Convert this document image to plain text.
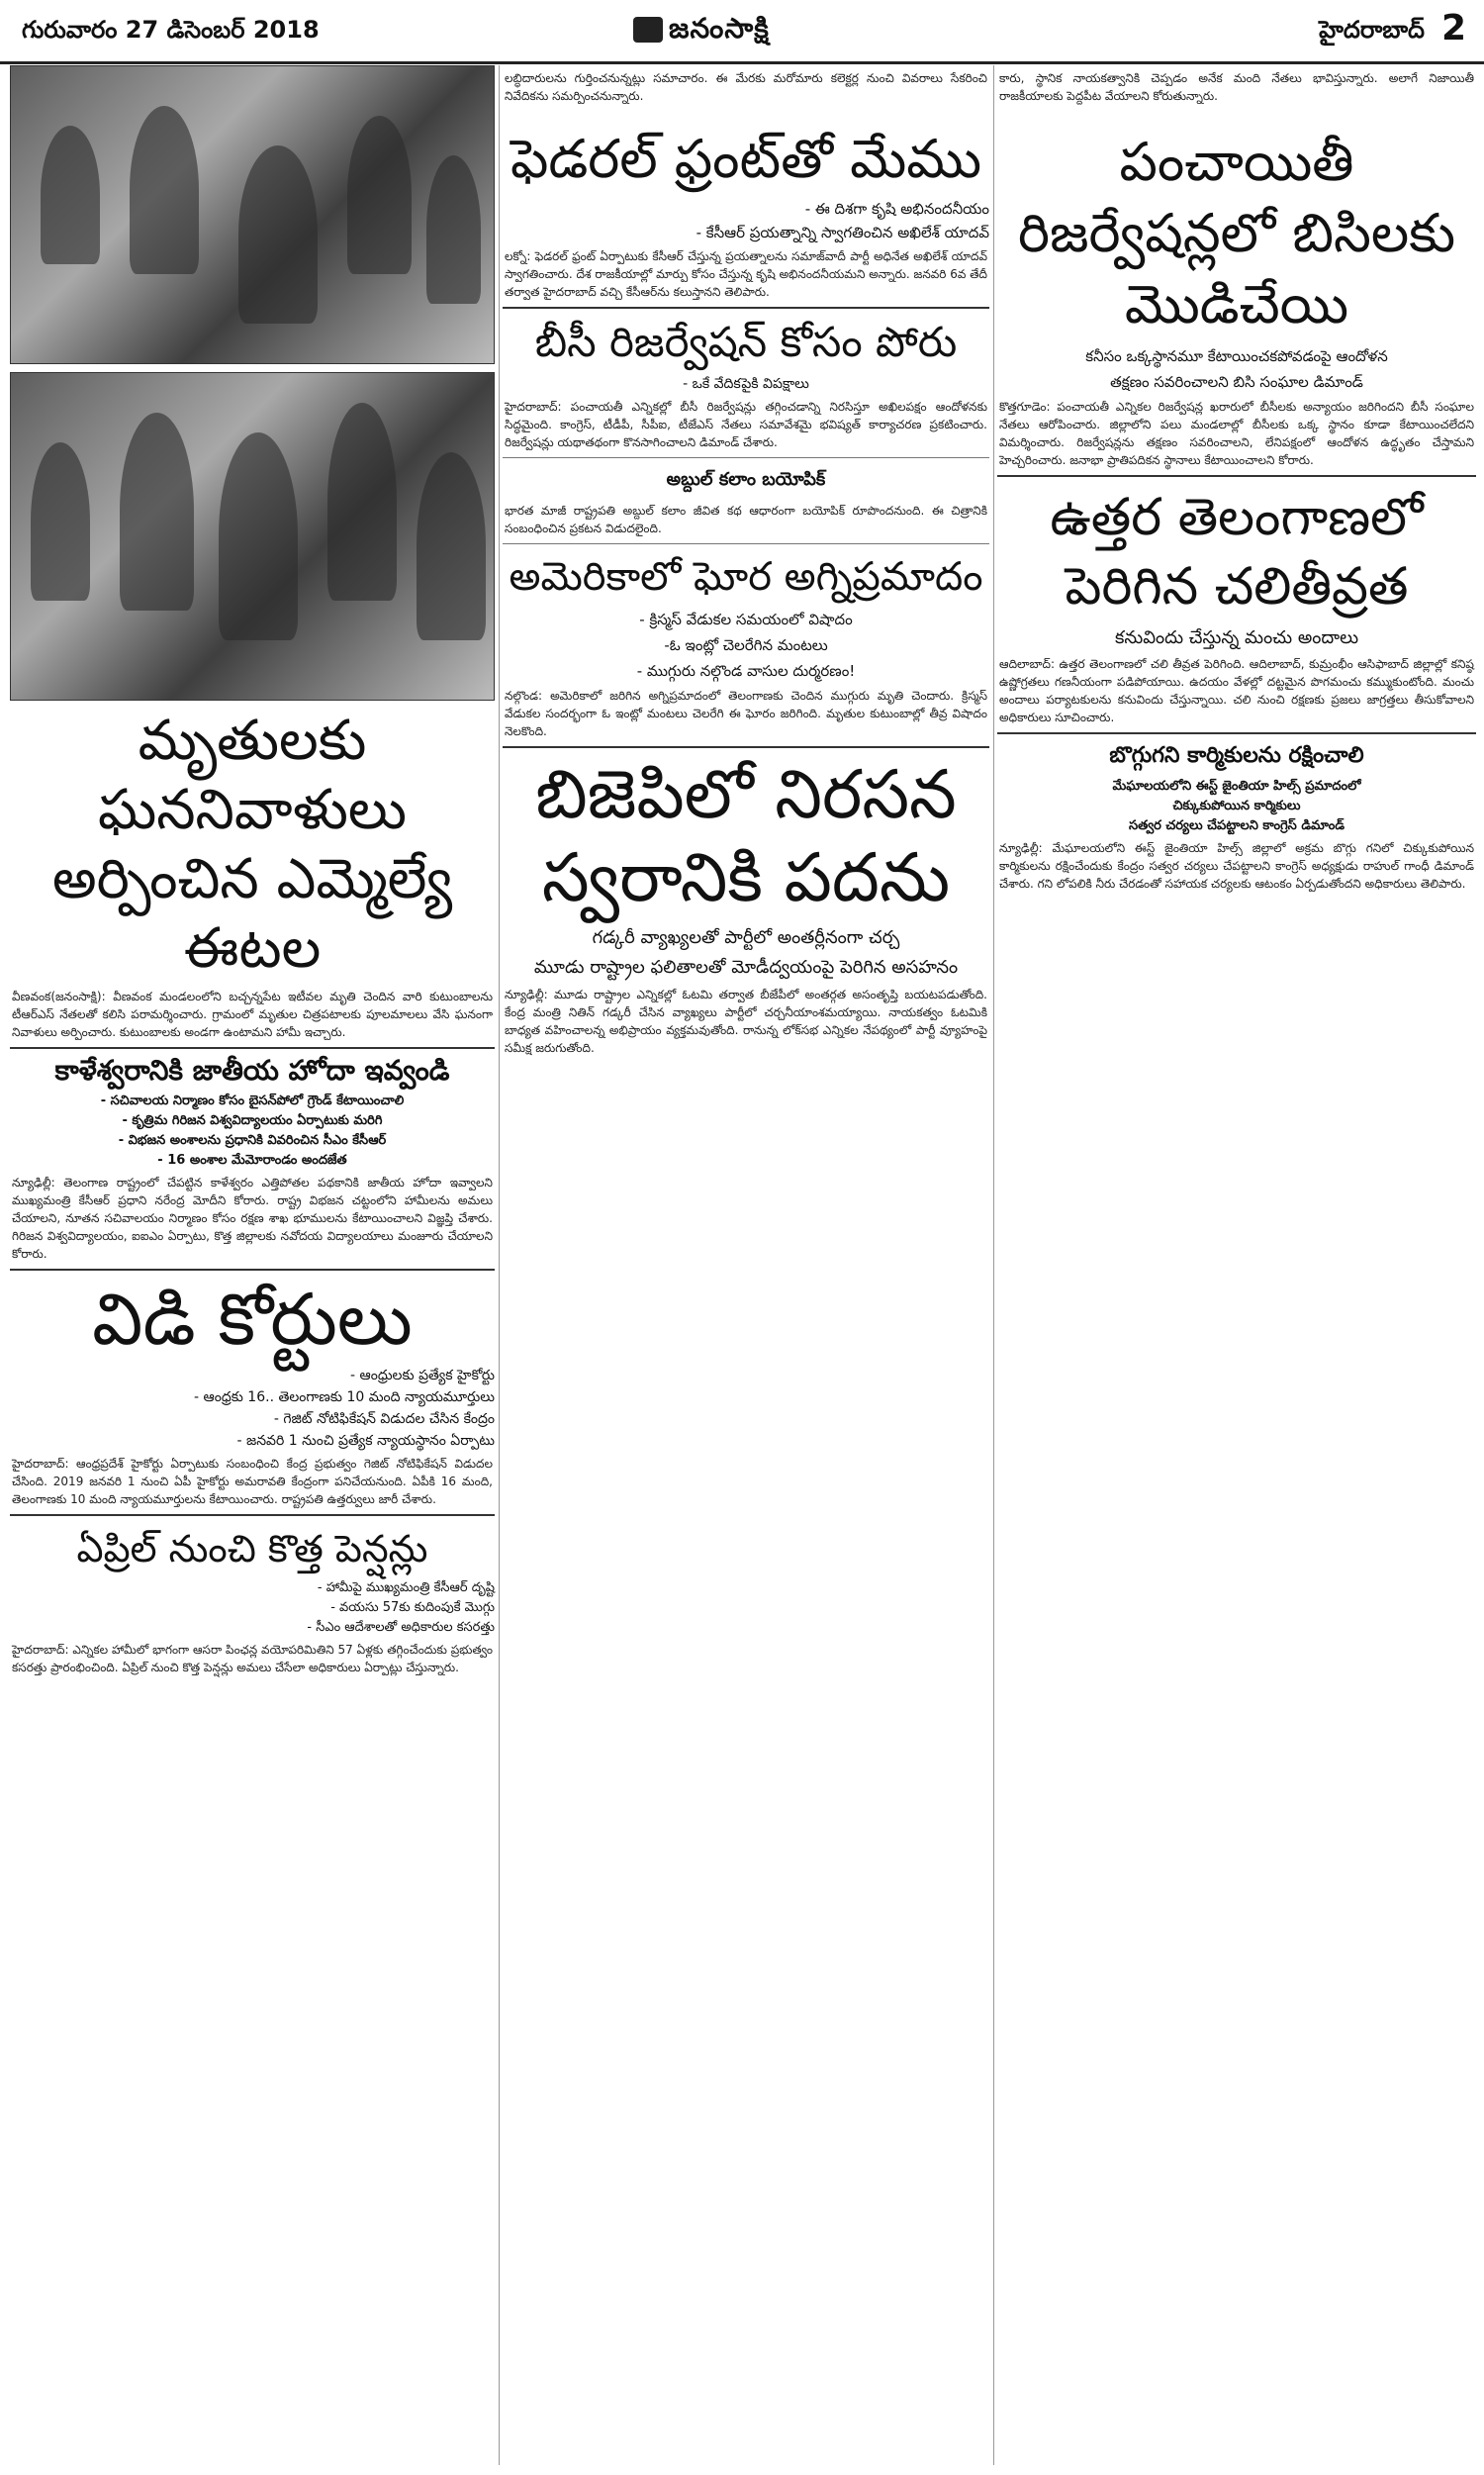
గురువారం 27 డిసెంబర్ 2018	జనంసాక్షి	హైదరాబాద్ 2
మృతులకు ఘననివాళులు అర్పించిన ఎమ్మెల్యే ఈటల
వీణవంక(జనంసాక్షి): వీణవంక మండలంలోని బచ్చన్నపేట ఇటీవల మృతి చెందిన వారి కుటుంబాలను టీఆర్‌ఎస్ నేతలతో కలిసి పరామర్శించారు. గ్రామంలో మృతుల చిత్రపటాలకు పూలమాలలు వేసి ఘనంగా నివాళులు అర్పించారు. కుటుంబాలకు అండగా ఉంటామని హామీ ఇచ్చారు.
కాళేశ్వరానికి జాతీయ హోదా ఇవ్వండి
- సచివాలయ నిర్మాణం కోసం బైసన్‌పోలో గ్రౌండ్ కేటాయించాలి
- కృత్రిమ గిరిజన విశ్వవిద్యాలయం ఏర్పాటుకు మరిగి
- విభజన అంశాలను ప్రధానికి వివరించిన సీఎం కేసీఆర్
- 16 అంశాల మేమోరాండం అందజేత
న్యూఢిల్లీ: తెలంగాణ రాష్ట్రంలో చేపట్టిన కాళేశ్వరం ఎత్తిపోతల పథకానికి జాతీయ హోదా ఇవ్వాలని ముఖ్యమంత్రి కేసీఆర్ ప్రధాని నరేంద్ర మోదీని కోరారు. రాష్ట్ర విభజన చట్టంలోని హామీలను అమలు చేయాలని, నూతన సచివాలయం నిర్మాణం కోసం రక్షణ శాఖ భూములను కేటాయించాలని విజ్ఞప్తి చేశారు. గిరిజన విశ్వవిద్యాలయం, ఐఐఎం ఏర్పాటు, కొత్త జిల్లాలకు నవోదయ విద్యాలయాలు మంజూరు చేయాలని కోరారు.
విడి కోర్టులు
- ఆంధ్రులకు ప్రత్యేక హైకోర్టు
- ఆంధ్రకు 16.. తెలంగాణకు 10 మంది న్యాయమూర్తులు
- గెజిట్ నోటిఫికేషన్ విడుదల చేసిన కేంద్రం
- జనవరి 1 నుంచి ప్రత్యేక న్యాయస్థానం ఏర్పాటు
హైదరాబాద్: ఆంధ్రప్రదేశ్ హైకోర్టు ఏర్పాటుకు సంబంధించి కేంద్ర ప్రభుత్వం గెజిట్ నోటిఫికేషన్ విడుదల చేసింది. 2019 జనవరి 1 నుంచి ఏపీ హైకోర్టు అమరావతి కేంద్రంగా పనిచేయనుంది. ఏపీకి 16 మంది, తెలంగాణకు 10 మంది న్యాయమూర్తులను కేటాయించారు. రాష్ట్రపతి ఉత్తర్వులు జారీ చేశారు.
ఏప్రిల్ నుంచి కొత్త పెన్షన్లు
- హామీపై ముఖ్యమంత్రి కేసీఆర్ దృష్టి
- వయసు 57కు కుదింపుకే మొగ్గు
- సీఎం ఆదేశాలతో అధికారుల కసరత్తు
హైదరాబాద్: ఎన్నికల హామీలో భాగంగా ఆసరా పింఛన్ల వయోపరిమితిని 57 ఏళ్లకు తగ్గించేందుకు ప్రభుత్వం కసరత్తు ప్రారంభించింది. ఏప్రిల్ నుంచి కొత్త పెన్షన్లు అమలు చేసేలా అధికారులు ఏర్పాట్లు చేస్తున్నారు.
లబ్ధిదారులను గుర్తించనున్నట్లు సమాచారం. ఈ మేరకు మరోమారు కలెక్టర్ల నుంచి వివరాలు సేకరించి నివేదికను సమర్పించనున్నారు.
ఫెడరల్ ఫ్రంట్‌తో మేము
- ఈ దిశగా కృషి అభినందనీయం
- కేసీఆర్ ప్రయత్నాన్ని స్వాగతించిన అఖిలేశ్ యాదవ్
లక్నో: ఫెడరల్ ఫ్రంట్ ఏర్పాటుకు కేసీఆర్ చేస్తున్న ప్రయత్నాలను సమాజ్‌వాదీ పార్టీ అధినేత అఖిలేశ్ యాదవ్ స్వాగతించారు. దేశ రాజకీయాల్లో మార్పు కోసం చేస్తున్న కృషి అభినందనీయమని అన్నారు. జనవరి 6వ తేదీ తర్వాత హైదరాబాద్ వచ్చి కేసీఆర్‌ను కలుస్తానని తెలిపారు.
బీసీ రిజర్వేషన్ కోసం పోరు
- ఒకే వేదికపైకి విపక్షాలు
హైదరాబాద్: పంచాయతీ ఎన్నికల్లో బీసీ రిజర్వేషన్లు తగ్గించడాన్ని నిరసిస్తూ అఖిలపక్షం ఆందోళనకు సిద్ధమైంది. కాంగ్రెస్, టీడీపీ, సీపీఐ, టీజేఎస్ నేతలు సమావేశమై భవిష్యత్ కార్యాచరణ ప్రకటించారు. రిజర్వేషన్లు యథాతథంగా కొనసాగించాలని డిమాండ్ చేశారు.
అబ్దుల్ కలాం బయోపిక్
భారత మాజీ రాష్ట్రపతి అబ్దుల్ కలాం జీవిత కథ ఆధారంగా బయోపిక్ రూపొందనుంది. ఈ చిత్రానికి సంబంధించిన ప్రకటన విడుదలైంది.
అమెరికాలో ఘోర అగ్నిప్రమాదం
- క్రిస్మస్ వేడుకల సమయంలో విషాదం
-ఓ ఇంట్లో చెలరేగిన మంటలు
- ముగ్గురు నల్గొండ వాసుల దుర్మరణం!
నల్గొండ: అమెరికాలో జరిగిన అగ్నిప్రమాదంలో తెలంగాణకు చెందిన ముగ్గురు మృతి చెందారు. క్రిస్మస్ వేడుకల సందర్భంగా ఓ ఇంట్లో మంటలు చెలరేగి ఈ ఘోరం జరిగింది. మృతుల కుటుంబాల్లో తీవ్ర విషాదం నెలకొంది.
బిజెపిలో నిరసన స్వరానికి పదను
గడ్కరీ వ్యాఖ్యలతో పార్టీలో అంతర్లీనంగా చర్చ
మూడు రాష్ట్రాల ఫలితాలతో మోడీద్వయంపై పెరిగిన అసహనం
న్యూఢిల్లీ: మూడు రాష్ట్రాల ఎన్నికల్లో ఓటమి తర్వాత బీజేపీలో అంతర్గత అసంతృప్తి బయటపడుతోంది. కేంద్ర మంత్రి నితిన్ గడ్కరీ చేసిన వ్యాఖ్యలు పార్టీలో చర్చనీయాంశమయ్యాయి. నాయకత్వం ఓటమికి బాధ్యత వహించాలన్న అభిప్రాయం వ్యక్తమవుతోంది. రానున్న లోక్‌సభ ఎన్నికల నేపథ్యంలో పార్టీ వ్యూహంపై సమీక్ష జరుగుతోంది.
కారు, స్థానిక నాయకత్వానికి చెప్పడం అనేక మంది నేతలు భావిస్తున్నారు. అలాగే నిజాయితీ రాజకీయాలకు పెద్దపీట వేయాలని కోరుతున్నారు.
పంచాయితీ రిజర్వేషన్లలో బిసిలకు మొడిచేయి
కనీసం ఒక్కస్థానమూ కేటాయించకపోవడంపై ఆందోళన
తక్షణం సవరించాలని బిసి సంఘాల డిమాండ్
కొత్తగూడెం: పంచాయతీ ఎన్నికల రిజర్వేషన్ల ఖరారులో బీసీలకు అన్యాయం జరిగిందని బీసీ సంఘాల నేతలు ఆరోపించారు. జిల్లాలోని పలు మండలాల్లో బీసీలకు ఒక్క స్థానం కూడా కేటాయించలేదని విమర్శించారు. రిజర్వేషన్లను తక్షణం సవరించాలని, లేనిపక్షంలో ఆందోళన ఉద్ధృతం చేస్తామని హెచ్చరించారు. జనాభా ప్రాతిపదికన స్థానాలు కేటాయించాలని కోరారు.
ఉత్తర తెలంగాణలో పెరిగిన చలితీవ్రత
కనువిందు చేస్తున్న మంచు అందాలు
ఆదిలాబాద్: ఉత్తర తెలంగాణలో చలి తీవ్రత పెరిగింది. ఆదిలాబాద్, కుమ్రంభీం ఆసిఫాబాద్ జిల్లాల్లో కనిష్ఠ ఉష్ణోగ్రతలు గణనీయంగా పడిపోయాయి. ఉదయం వేళల్లో దట్టమైన పొగమంచు కమ్ముకుంటోంది. మంచు అందాలు పర్యాటకులను కనువిందు చేస్తున్నాయి. చలి నుంచి రక్షణకు ప్రజలు జాగ్రత్తలు తీసుకోవాలని అధికారులు సూచించారు.
బొగ్గుగని కార్మికులను రక్షించాలి
మేఘాలయలోని ఈస్ట్ జైంతియా హిల్స్ ప్రమాదంలో
చిక్కుకుపోయిన కార్మికులు
సత్వర చర్యలు చేపట్టాలని కాంగ్రెస్ డిమాండ్
న్యూఢిల్లీ: మేఘాలయలోని ఈస్ట్ జైంతియా హిల్స్ జిల్లాలో అక్రమ బొగ్గు గనిలో చిక్కుకుపోయిన కార్మికులను రక్షించేందుకు కేంద్రం సత్వర చర్యలు చేపట్టాలని కాంగ్రెస్ అధ్యక్షుడు రాహుల్ గాంధీ డిమాండ్ చేశారు. గని లోపలికి నీరు చేరడంతో సహాయక చర్యలకు ఆటంకం ఏర్పడుతోందని అధికారులు తెలిపారు.
